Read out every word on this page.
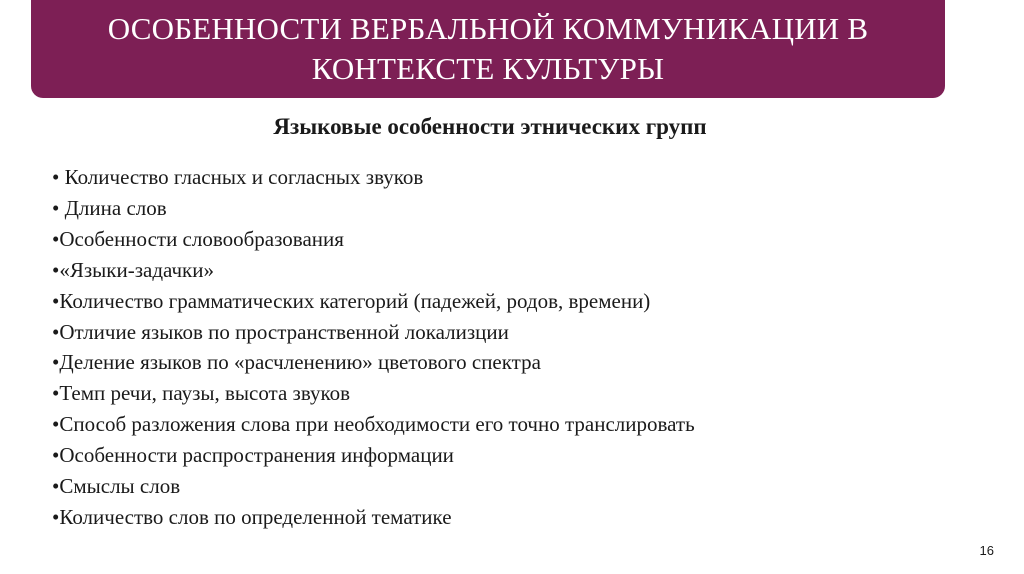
ОСОБЕННОСТИ ВЕРБАЛЬНОЙ КОММУНИКАЦИИ В КОНТЕКСТЕ КУЛЬТУРЫ
Языковые особенности этнических групп
• Количество гласных и согласных звуков
• Длина слов
•Особенности словообразования
•«Языки-задачки»
•Количество грамматических категорий (падежей, родов, времени)
•Отличие языков по пространственной локализции
•Деление языков по «расчленению» цветового спектра
•Темп речи, паузы, высота звуков
•Способ разложения слова при необходимости его точно транслировать
•Особенности распространения информации
•Смыслы слов
•Количество слов по определенной тематике
16
